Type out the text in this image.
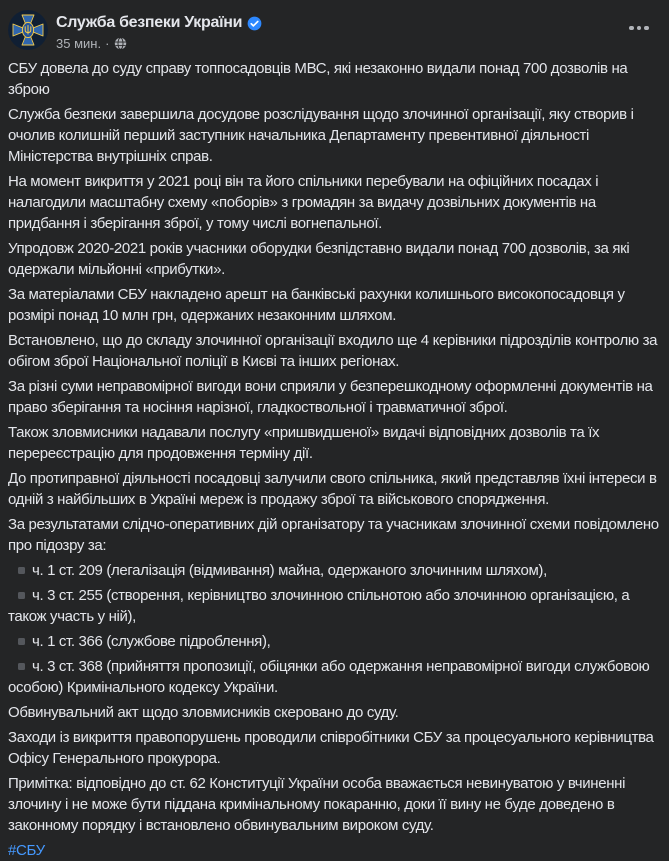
Служба безпеки України
35 мин. ·

СБУ довела до суду справу топпосадовців МВС, які незаконно видали понад 700 дозволів на зброю

Служба безпеки завершила досудове розслідування щодо злочинної організації, яку створив і очолив колишній перший заступник начальника Департаменту превентивної діяльності Міністерства внутрішніх справ.

На момент викриття у 2021 році він та його спільники перебували на офіційних посадах і налагодили масштабну схему «поборів» з громадян за видачу дозвільних документів на придбання і зберігання зброї, у тому числі вогнепальної.

Упродовж 2020-2021 років учасники оборудки безпідставно видали понад 700 дозволів, за які одержали мільйонні «прибутки».

За матеріалами СБУ накладено арешт на банківські рахунки колишнього високопосадовця у розмірі понад 10 млн грн, одержаних незаконним шляхом.

Встановлено, що до складу злочинної організації входило ще 4 керівники підрозділів контролю за обігом зброї Національної поліції в Києві та інших регіонах.

За різні суми неправомірної вигоди вони сприяли у безперешкодному оформленні документів на право зберігання та носіння нарізної, гладкоствольної і травматичної зброї.

Також зловмисники надавали послугу «пришвидшеної» видачі відповідних дозволів та їх перереєстрацію для продовження терміну дії.

До протиправної діяльності посадовці залучили свого спільника, який представляв їхні інтереси в одній з найбільших в Україні мереж із продажу зброї та військового спорядження.

За результатами слідчо-оперативних дій організатору та учасникам злочинної схеми повідомлено про підозру за:

ч. 1 ст. 209 (легалізація (відмивання) майна, одержаного злочинним шляхом),

ч. 3 ст. 255 (створення, керівництво злочинною спільнотою або злочинною організацією, а також участь у ній),

ч. 1 ст. 366 (службове підроблення),

ч. 3 ст. 368 (прийняття пропозиції, обіцянки або одержання неправомірної вигоди службовою особою) Кримінального кодексу України.

Обвинувальний акт щодо зловмисників скеровано до суду.

Заходи із викриття правопорушень проводили співробітники СБУ за процесуального керівництва Офісу Генерального прокурора.

Примітка: відповідно до ст. 62 Конституції України особа вважається невинуватою у вчиненні злочину і не може бути піддана кримінальному покаранню, доки її вину не буде доведено в законному порядку і встановлено обвинувальним вироком суду.

#СБУ
